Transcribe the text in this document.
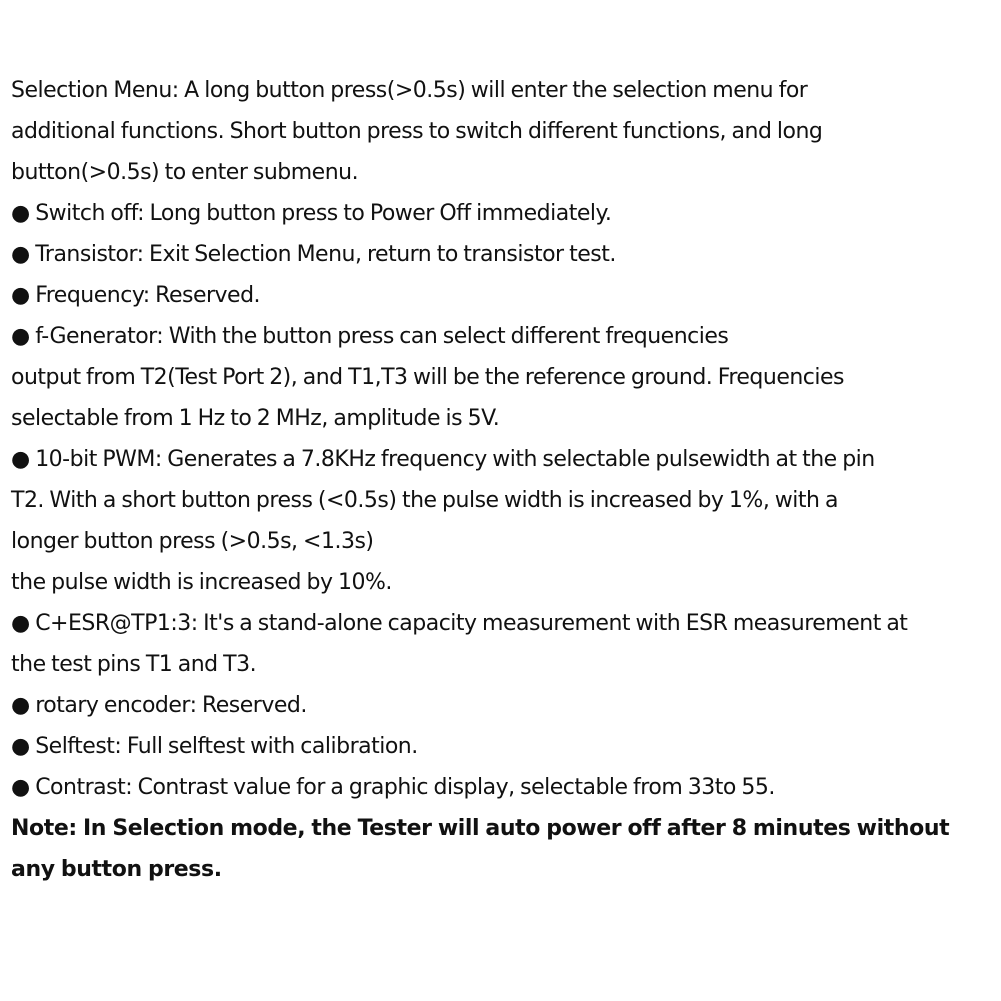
Selection Menu: A long button press(>0.5s) will enter the selection menu for
additional functions. Short button press to switch different functions, and long
button(>0.5s) to enter submenu.
● Switch off: Long button press to Power Off immediately.
● Transistor: Exit Selection Menu, return to transistor test.
● Frequency: Reserved.
● f-Generator: With the button press can select different frequencies
output from T2(Test Port 2), and T1,T3 will be the reference ground. Frequencies
selectable from 1 Hz to 2 MHz, amplitude is 5V.
● 10-bit PWM: Generates a 7.8KHz frequency with selectable pulsewidth at the pin
T2. With a short button press (<0.5s) the pulse width is increased by 1%, with a
longer button press (>0.5s, <1.3s)
the pulse width is increased by 10%.
● C+ESR@TP1:3: It's a stand-alone capacity measurement with ESR measurement at
the test pins T1 and T3.
● rotary encoder: Reserved.
● Selftest: Full selftest with calibration.
● Contrast: Contrast value for a graphic display, selectable from 33to 55.
Note: In Selection mode, the Tester will auto power off after 8 minutes without
any button press.
